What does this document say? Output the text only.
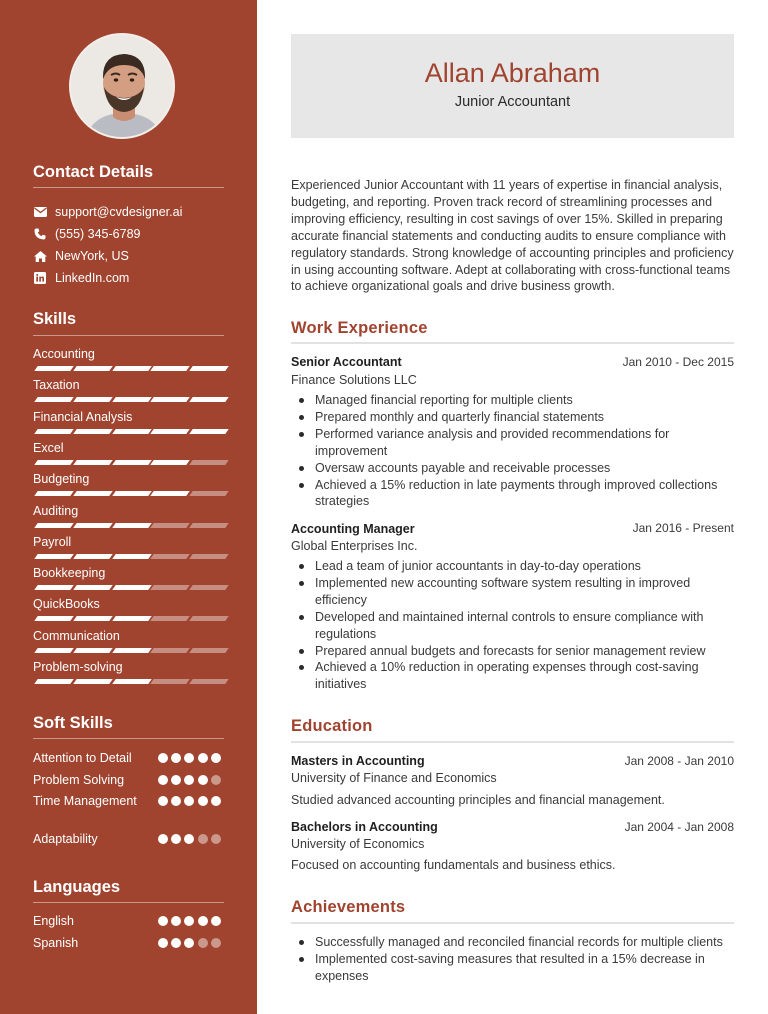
Contact Details
support@cvdesigner.ai
(555) 345-6789
NewYork, US
LinkedIn.com
Skills
Accounting
Taxation
Financial Analysis
Excel
Budgeting
Auditing
Payroll
Bookkeeping
QuickBooks
Communication
Problem-solving
Soft Skills
Attention to Detail
Problem Solving
Time Management
Adaptability
Languages
English
Spanish
Allan Abraham
Junior Accountant

Experienced Junior Accountant with 11 years of expertise in financial analysis, budgeting, and reporting. Proven track record of streamlining processes and improving efficiency, resulting in cost savings of over 15%. Skilled in preparing accurate financial statements and conducting audits to ensure compliance with regulatory standards. Strong knowledge of accounting principles and proficiency in using accounting software. Adept at collaborating with cross-functional teams to achieve organizational goals and drive business growth.

Work Experience
Senior Accountant	Jan 2010 - Dec 2015
Finance Solutions LLC
Managed financial reporting for multiple clients
Prepared monthly and quarterly financial statements
Performed variance analysis and provided recommendations for improvement
Oversaw accounts payable and receivable processes
Achieved a 15% reduction in late payments through improved collections strategies
Accounting Manager	Jan 2016 - Present
Global Enterprises Inc.
Lead a team of junior accountants in day-to-day operations
Implemented new accounting software system resulting in improved efficiency
Developed and maintained internal controls to ensure compliance with regulations
Prepared annual budgets and forecasts for senior management review
Achieved a 10% reduction in operating expenses through cost-saving initiatives
Education
Masters in Accounting	Jan 2008 - Jan 2010
University of Finance and Economics
Studied advanced accounting principles and financial management.
Bachelors in Accounting	Jan 2004 - Jan 2008
University of Economics
Focused on accounting fundamentals and business ethics.
Achievements
Successfully managed and reconciled financial records for multiple clients
Implemented cost-saving measures that resulted in a 15% decrease in expenses
